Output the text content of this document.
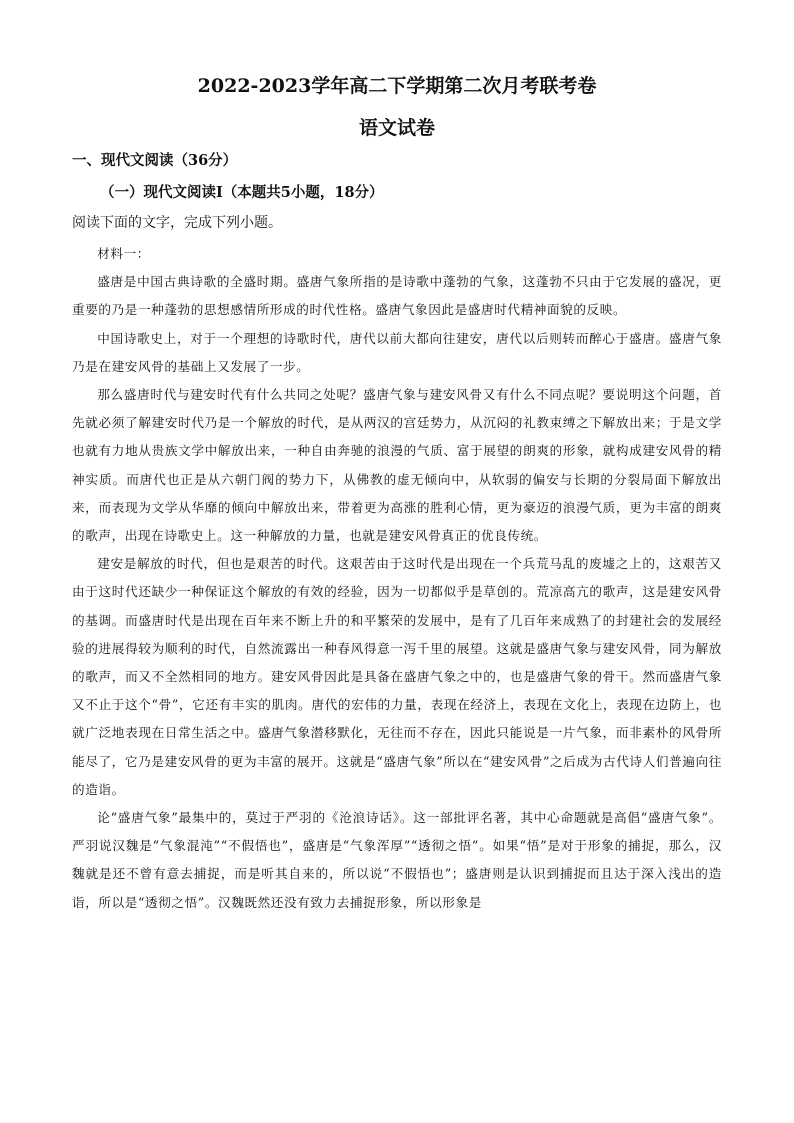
2022-2023学年高二下学期第二次月考联考卷
语文试卷
一、现代文阅读（36分）
（一）现代文阅读Ⅰ（本题共5小题，18分）
阅读下面的文字，完成下列小题。

材料一：

盛唐是中国古典诗歌的全盛时期。盛唐气象所指的是诗歌中蓬勃的气象，这蓬勃不只由于它发展的盛况，更重要的乃是一种蓬勃的思想感情所形成的时代性格。盛唐气象因此是盛唐时代精神面貌的反映。

中国诗歌史上，对于一个理想的诗歌时代，唐代以前大都向往建安，唐代以后则转而醉心于盛唐。盛唐气象乃是在建安风骨的基础上又发展了一步。

那么盛唐时代与建安时代有什么共同之处呢？盛唐气象与建安风骨又有什么不同点呢？要说明这个问题，首先就必须了解建安时代乃是一个解放的时代，是从两汉的宫廷势力，从沉闷的礼教束缚之下解放出来；于是文学也就有力地从贵族文学中解放出来，一种自由奔驰的浪漫的气质、富于展望的朗爽的形象，就构成建安风骨的精神实质。而唐代也正是从六朝门阀的势力下，从佛教的虚无倾向中，从软弱的偏安与长期的分裂局面下解放出来，而表现为文学从华靡的倾向中解放出来，带着更为高涨的胜利心情，更为豪迈的浪漫气质，更为丰富的朗爽的歌声，出现在诗歌史上。这一种解放的力量，也就是建安风骨真正的优良传统。

建安是解放的时代，但也是艰苦的时代。这艰苦由于这时代是出现在一个兵荒马乱的废墟之上的，这艰苦又由于这时代还缺少一种保证这个解放的有效的经验，因为一切都似乎是草创的。荒凉高亢的歌声，这是建安风骨的基调。而盛唐时代是出现在百年来不断上升的和平繁荣的发展中，是有了几百年来成熟了的封建社会的发展经验的进展得较为顺利的时代，自然流露出一种春风得意一泻千里的展望。这就是盛唐气象与建安风骨，同为解放的歌声，而又不全然相同的地方。建安风骨因此是具备在盛唐气象之中的，也是盛唐气象的骨干。然而盛唐气象又不止于这个“骨”，它还有丰实的肌肉。唐代的宏伟的力量，表现在经济上，表现在文化上，表现在边防上，也就广泛地表现在日常生活之中。盛唐气象潜移默化，无往而不存在，因此只能说是一片气象，而非素朴的风骨所能尽了，它乃是建安风骨的更为丰富的展开。这就是“盛唐气象”所以在“建安风骨”之后成为古代诗人们普遍向往的造诣。

论“盛唐气象”最集中的，莫过于严羽的《沧浪诗话》。这一部批评名著，其中心命题就是高倡“盛唐气象”。严羽说汉魏是“气象混沌”“不假悟也”，盛唐是“气象浑厚”“透彻之悟”。如果“悟”是对于形象的捕捉，那么，汉魏就是还不曾有意去捕捉，而是听其自来的，所以说“不假悟也”；盛唐则是认识到捕捉而且达于深入浅出的造诣，所以是“透彻之悟”。汉魏既然还没有致力去捕捉形象，所以形象是
